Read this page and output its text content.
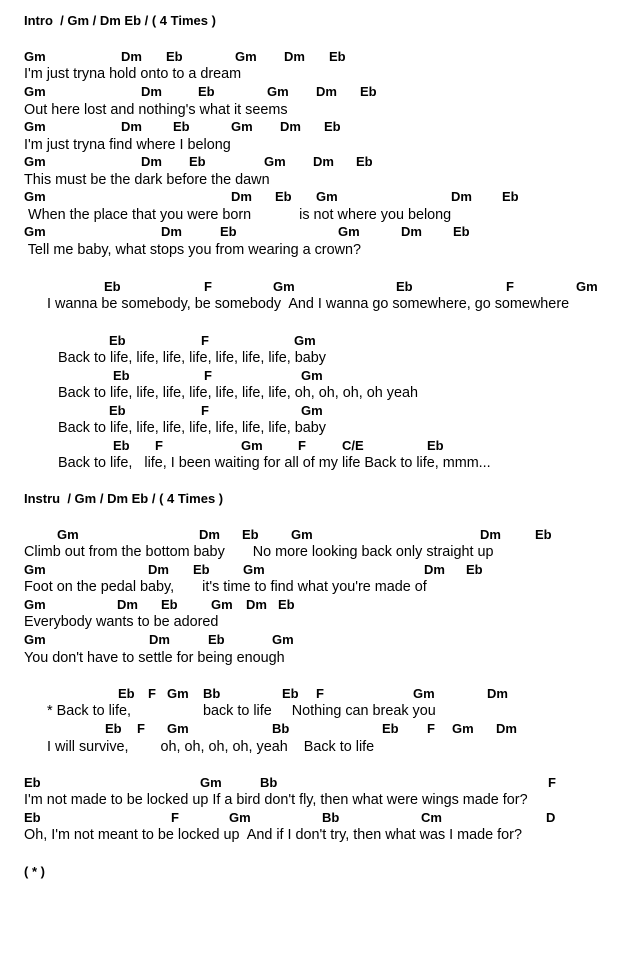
Intro  / Gm / Dm Eb / ( 4 Times )

Gm

	Dm

Eb

	Gm

Dm

Eb

I'm just tryna hold onto to a dream

Gm

	Dm

	Eb

	Gm

Dm

Eb

Out here lost and nothing's what it seems

Gm

	Dm

Eb

	Gm

Dm

Eb

I'm just tryna find where I belong

Gm

	Dm

Eb

	Gm

Dm

Eb

This must be the dark before the dawn

Gm

	Dm

Eb

Gm

	Dm

Eb

When the place that you were born            is not where you belong

Gm

	Dm

	Eb

	Gm

	Dm

Eb

Tell me baby, what stops you from wearing a crown?

Eb

	F

	Gm

	Eb

	F

	Gm

I wanna be somebody, be somebody  And I wanna go somewhere, go somewhere

Eb

	F

	Gm

Back to life, life, life, life, life, life, life, baby

Eb

	F

	Gm

Back to life, life, life, life, life, life, life, oh, oh, oh, oh yeah

Eb

	F

	Gm

Back to life, life, life, life, life, life, life, baby

Eb

F

	Gm

	F

	C/E

	Eb

Back to life,   life, I been waiting for all of my life Back to life, mmm...

Instru  / Gm / Dm Eb / ( 4 Times )

Gm

	Dm

Eb

Gm

	Dm

	Eb

Climb out from the bottom baby       No more looking back only straight up

Gm

	Dm

Eb

	Gm

	Dm

Eb

Foot on the pedal baby,       it's time to find what you're made of

Gm

	Dm

Eb

	Gm

Dm

Eb

Everybody wants to be adored

Gm

	Dm

	Eb

	Gm

You don't have to settle for being enough

Eb

F

Gm

Bb

	Eb

F

	Gm

	Dm

* Back to life,                  back to life     Nothing can break you

Eb

F

Gm

	Bb

	Eb

F

Gm

Dm

I will survive,        oh, oh, oh, oh, yeah    Back to life

Eb

	Gm

	Bb

	F

I'm not made to be locked up If a bird don't fly, then what were wings made for?

Eb

	F

	Gm

	Bb

	Cm

	D

Oh, I'm not meant to be locked up  And if I don't try, then what was I made for?

( * )
